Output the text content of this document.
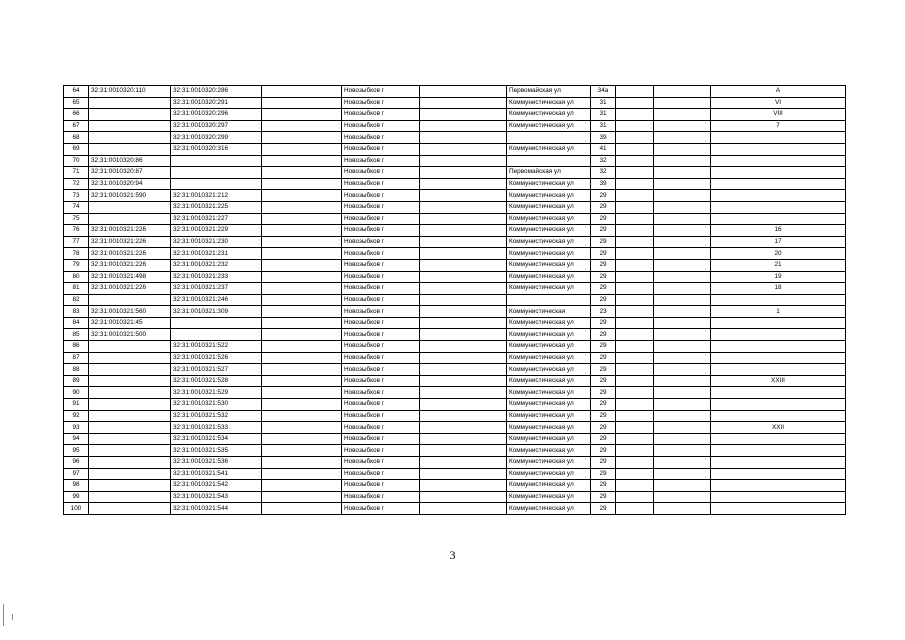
64	32:31:0010320:110	32:31:0010320:286		Новозыбков г		Первомайская ул	34а			А
65		32:31:0010320:291		Новозыбков г		Коммунистическая ул	31			VI
66		32:31:0010320:296		Новозыбков г		Коммунистическая ул	31			VIII
67		32:31:0010320:297		Новозыбков г		Коммунистическая ул	31			7
68		32:31:0010320:299		Новозыбков г			39			
69		32:31:0010320:316		Новозыбков г		Коммунистическая ул	41			
70	32:31:0010320:86			Новозыбков г			32			
71	32:31:0010320:87			Новозыбков г		Первомайская ул	32			
72	32:31:0010320:94			Новозыбков г		Коммунистическая ул	39			
73	32:31:0010321:590	32:31:0010321:212		Новозыбков г		Коммунистическая ул	29			
74		32:31:0010321:225		Новозыбков г		Коммунистическая ул	29			
75		32:31:0010321:227		Новозыбков г		Коммунистическая ул	29			
76	32:31:0010321:226	32:31:0010321:229		Новозыбков г		Коммунистическая ул	29			16
77	32:31:0010321:226	32:31:0010321:230		Новозыбков г		Коммунистическая ул	29			17
78	32:31:0010321:226	32:31:0010321:231		Новозыбков г		Коммунистическая ул	29			20
79	32:31:0010321:226	32:31:0010321:232		Новозыбков г		Коммунистическая ул	29			21
80	32:31:0010321:498	32:31:0010321:233		Новозыбков г		Коммунистическая ул	29			19
81	32:31:0010321:226	32:31:0010321:237		Новозыбков г		Коммунистическая ул	29			18
82		32:31:0010321:246		Новозыбков г			29			
83	32:31:0010321:560	32:31:0010321:309		Новозыбков г		Коммунистическая	23			1
84	32:31:0010321:45			Новозыбков г		Коммунистическая ул	29			
85	32:31:0010321:500			Новозыбков г		Коммунистическая ул	29			
86		32:31:0010321:522		Новозыбков г		Коммунистическая ул	29			
87		32:31:0010321:526		Новозыбков г		Коммунистическая ул	29			
88		32:31:0010321:527		Новозыбков г		Коммунистическая ул	29			
89		32:31:0010321:528		Новозыбков г		Коммунистическая ул	29			XXIII
90		32:31:0010321:529		Новозыбков г		Коммунистическая ул	29			
91		32:31:0010321:530		Новозыбков г		Коммунистическая ул	29			
92		32:31:0010321:532		Новозыбков г		Коммунистическая ул	29			
93		32:31:0010321:533		Новозыбков г		Коммунистическая ул	29			XXII
94		32:31:0010321:534		Новозыбков г		Коммунистическая ул	29			
95		32:31:0010321:535		Новозыбков г		Коммунистическая ул	29			
96		32:31:0010321:536		Новозыбков г		Коммунистическая ул	29			
97		32:31:0010321:541		Новозыбков г		Коммунистическая ул	29			
98		32:31:0010321:542		Новозыбков г		Коммунистическая ул	29			
99		32:31:0010321:543		Новозыбков г		Коммунистическая ул	29			
100		32:31:0010321:544		Новозыбков г		Коммунистическая ул	29			
3
